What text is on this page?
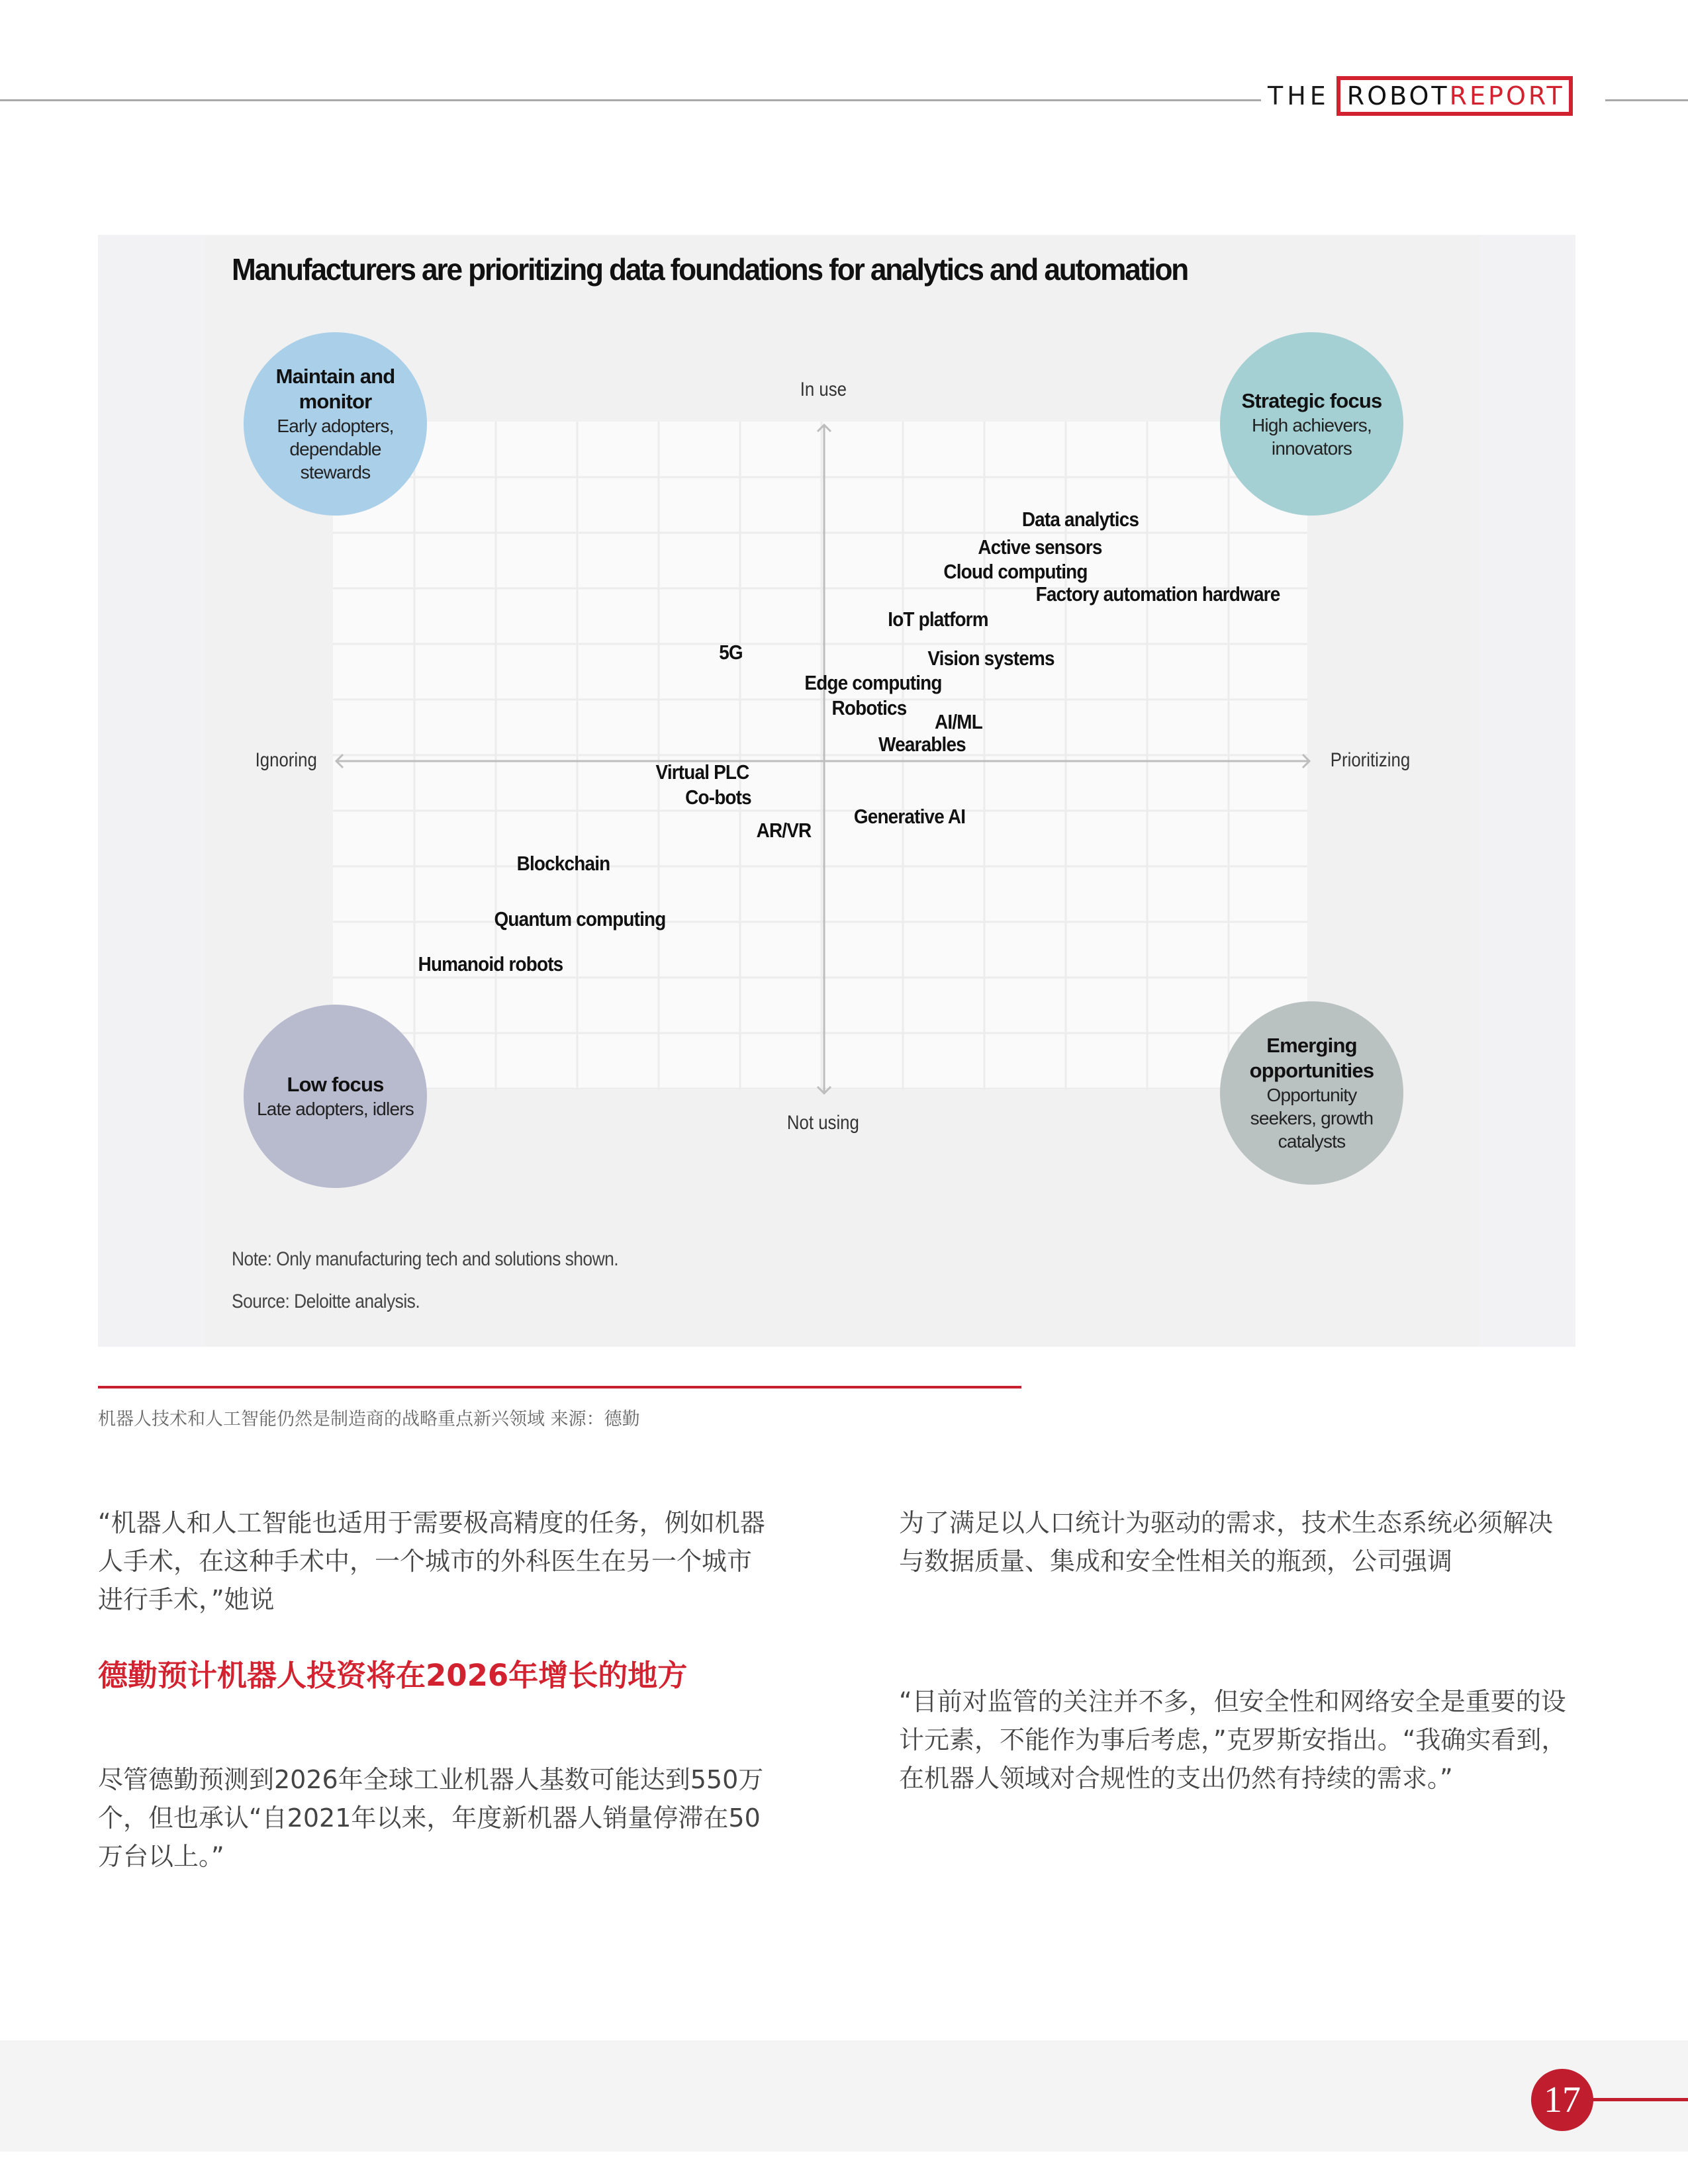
THE ROBOT REPORT
Manufacturers are prioritizing data foundations for analytics and automation
In use
Not using
Ignoring	Prioritizing
Maintain and monitor
Early adopters, dependable stewards
Strategic focus
High achievers, innovators
Low focus
Late adopters, idlers
Emerging opportunities
Opportunity seekers, growth catalysts
Data analytics
Active sensors
Cloud computing
Factory automation hardware
IoT platform
5G	Vision systems
Edge computing
Robotics
AI/ML
Wearables
Virtual PLC
Co-bots
Generative AI
AR/VR
Blockchain
Quantum computing
Humanoid robots
Note: Only manufacturing tech and solutions shown.
Source: Deloitte analysis.
机器人技术和人工智能仍然是制造商的战略重点新兴领域 来源：德勤
“机器人和人工智能也适用于需要极高精度的任务，例如机器人手术，在这种手术中，一个城市的外科医生在另一个城市进行手术，”她说
德勤预计机器人投资将在2026年增长的地方
尽管德勤预测到2026年全球工业机器人基数可能达到550万个，但也承认“自2021年以来，年度新机器人销量停滞在50万台以上。”
为了满足以人口统计为驱动的需求，技术生态系统必须解决与数据质量、集成和安全性相关的瓶颈，公司强调
“目前对监管的关注并不多，但安全性和网络安全是重要的设计元素，不能作为事后考虑，”克罗斯安指出。“我确实看到，在机器人领域对合规性的支出仍然有持续的需求。”
17
